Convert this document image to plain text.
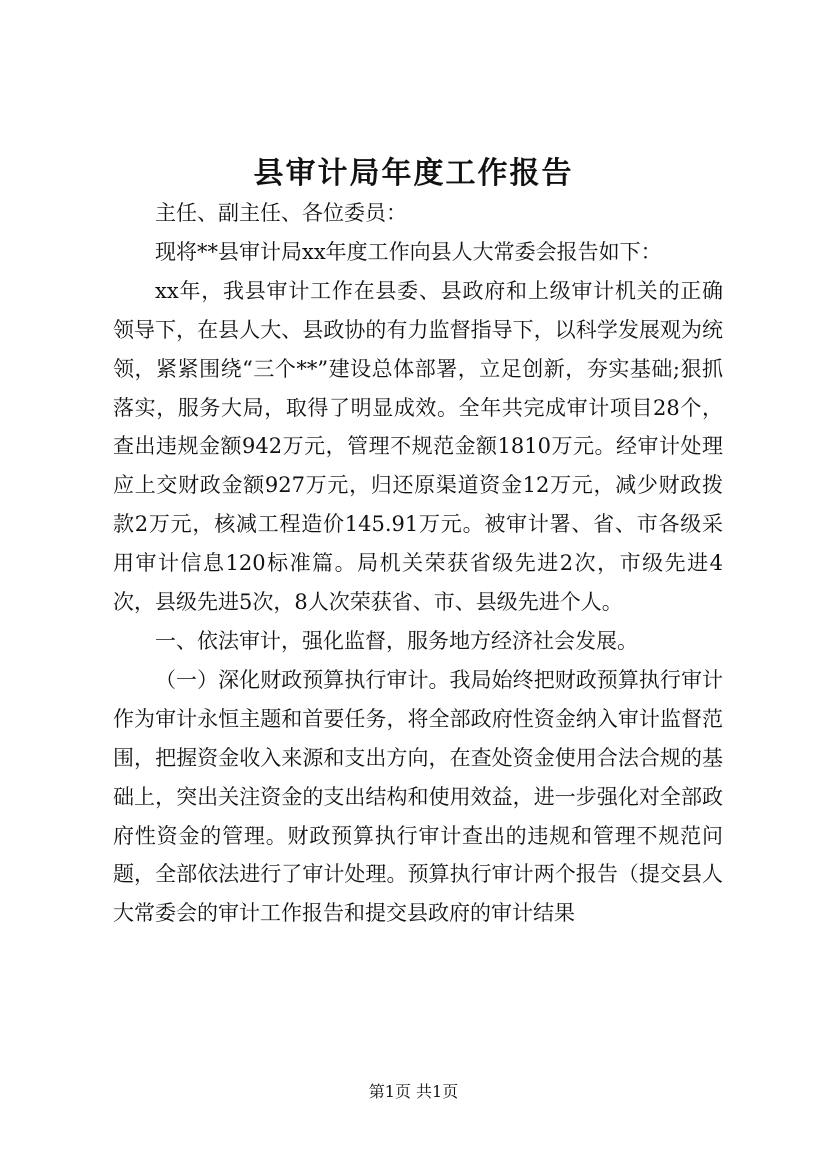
县审计局年度工作报告

主任、副主任、各位委员：

现将**县审计局xx年度工作向县人大常委会报告如下：

xx年，我县审计工作在县委、县政府和上级审计机关的正确领导下，在县人大、县政协的有力监督指导下，以科学发展观为统领，紧紧围绕“三个**”建设总体部署，立足创新，夯实基础;狠抓落实，服务大局，取得了明显成效。全年共完成审计项目28个，查出违规金额942万元，管理不规范金额1810万元。经审计处理应上交财政金额927万元，归还原渠道资金12万元，减少财政拨款2万元，核减工程造价145.91万元。被审计署、省、市各级采用审计信息120标准篇。局机关荣获省级先进2次，市级先进4次，县级先进5次，8人次荣获省、市、县级先进个人。

一、依法审计，强化监督，服务地方经济社会发展。

（一）深化财政预算执行审计。我局始终把财政预算执行审计作为审计永恒主题和首要任务，将全部政府性资金纳入审计监督范围，把握资金收入来源和支出方向，在查处资金使用合法合规的基础上，突出关注资金的支出结构和使用效益，进一步强化对全部政府性资金的管理。财政预算执行审计查出的违规和管理不规范问题，全部依法进行了审计处理。预算执行审计两个报告（提交县人大常委会的审计工作报告和提交县政府的审计结果

第1页 共1页
